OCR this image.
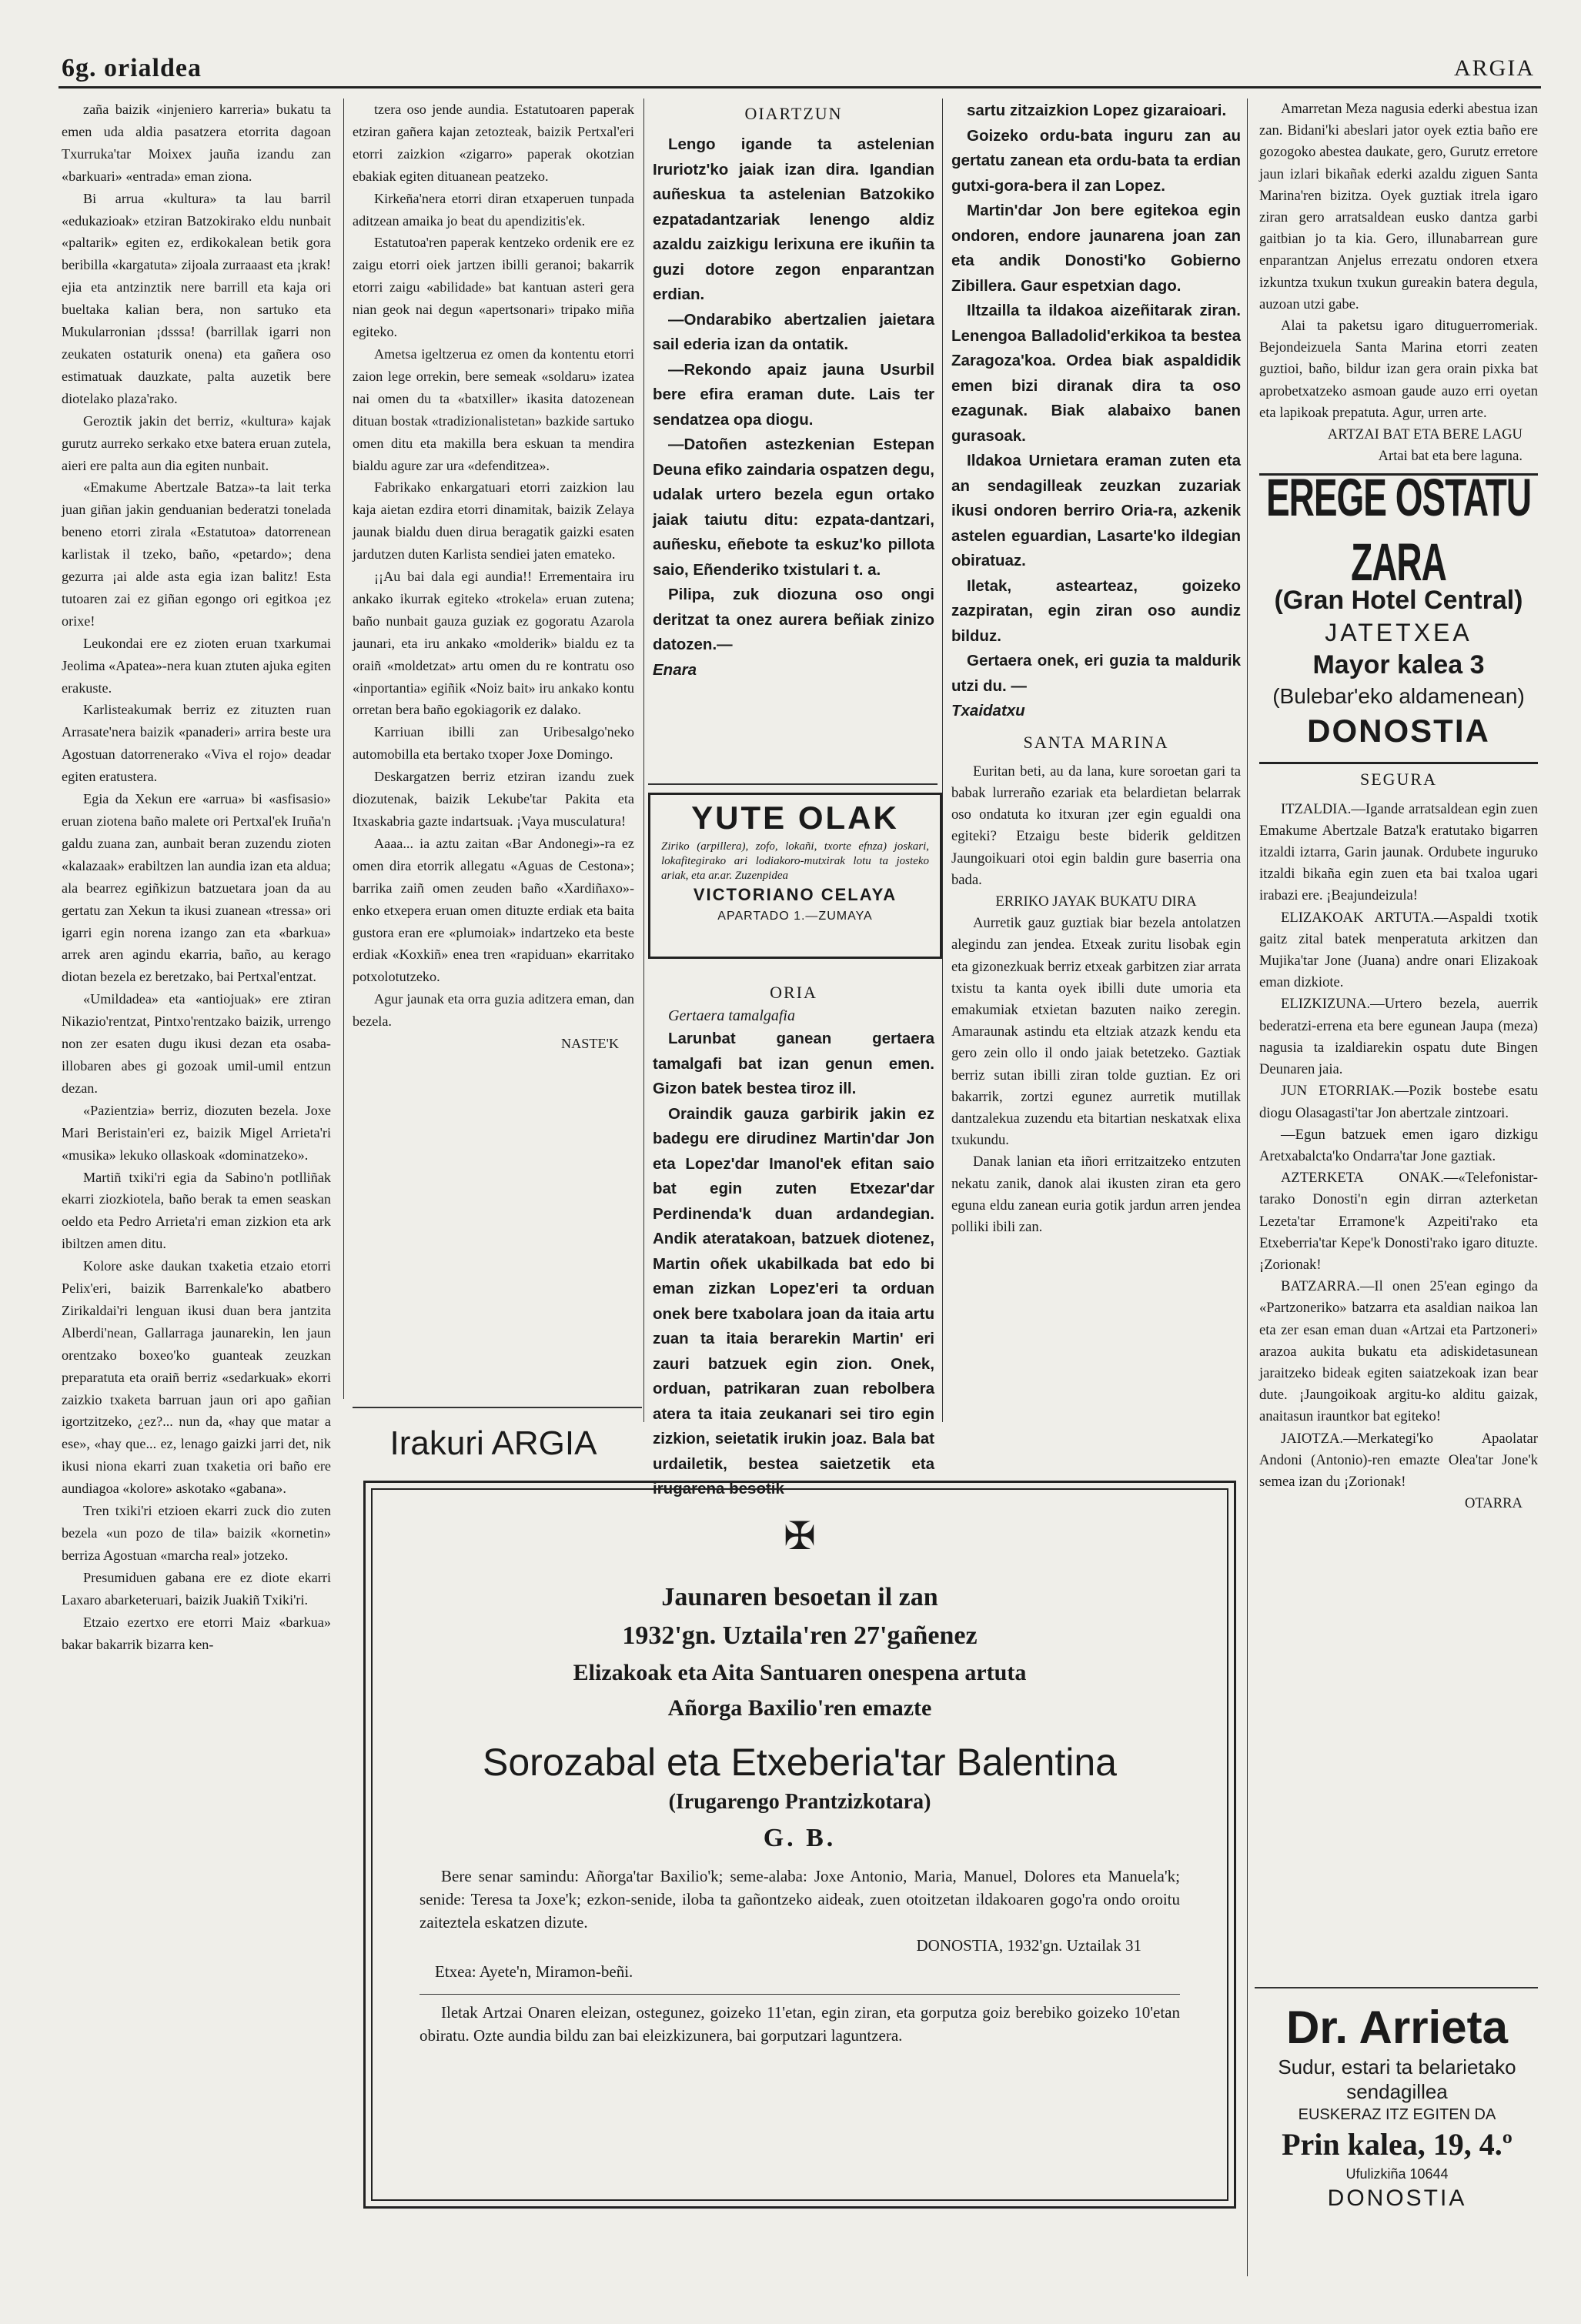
6g. orialdea	ARGIA

zaña baizik «injeniero karreria» bukatu ta emen uda aldia pasatzera etorrita dagoan Txurruka'tar Moixex jauña izandu zan «barkuari» «entrada» eman ziona.

Bi arrua «kultura» ta lau barril «edukazioak» etziran Batzokirako eldu nunbait «paltarik» egiten ez, erdikokalean betik gora beribilla «kargatuta» zijoala zurraaast eta ¡krak! ejia eta antzinztik nere barrill eta kaja ori bueltaka kalian bera, non sartuko eta Mukularronian ¡dsssa! (barrillak igarri non zeukaten ostaturik onena) eta gañera oso estimatuak dauzkate, palta auzetik bere diotelako plaza'rako.

Geroztik jakin det berriz, «kultura» kajak gurutz aurreko serkako etxe batera eruan zutela, aieri ere palta aun dia egiten nunbait.

«Emakume Abertzale Batza»-ta lait terka juan giñan jakin genduanian bederatzi tonelada beneno etorri zirala «Estatutoa» datorrenean karlistak il tzeko, baño, «petardo»; dena gezurra ¡ai alde asta egia izan balitz! Esta tutoaren zai ez giñan egongo ori egitkoa ¡ez orixe!

Leukondai ere ez zioten eruan txarkumai Jeolima «Apatea»-nera kuan ztuten ajuka egiten erakuste.

Karlisteakumak berriz ez zituzten ruan Arrasate'nera baizik «panaderi» arrira beste ura Agostuan datorrenerako «Viva el rojo» deadar egiten eratustera.

Egia da Xekun ere «arrua» bi «asfisasio» eruan ziotena baño malete ori Pertxal'ek Iruña'n galdu zuana zan, aunbait beran zuzendu zioten «kalazaak» erabiltzen lan aundia izan eta aldua; ala bearrez egiñkizun batzuetara joan da au gertatu zan Xekun ta ikusi zuanean «tressa» ori igarri egin norena izango zan eta «barkua» arrek aren agindu ekarria, baño, au kerago diotan bezela ez beretzako, bai Pertxal'entzat.

«Umildadea» eta «antiojuak» ere ztiran Nikazio'rentzat, Pintxo'rentzako baizik, urrengo non zer esaten dugu ikusi dezan eta osaba-illobaren abes gi gozoak umil-umil entzun dezan.

«Pazientzia» berriz, diozuten bezela. Joxe Mari Beristain'eri ez, baizik Migel Arrieta'ri «musika» lekuko ollaskoak «dominatzeko».

Martiñ txiki'ri egia da Sabino'n potlliñak ekarri ziozkiotela, baño berak ta emen seaskan oeldo eta Pedro Arrieta'ri eman zizkion eta ark ibiltzen amen ditu.

Kolore aske daukan txaketia etzaio etorri Pelix'eri, baizik Barrenkale'ko abatbero Zirikaldai'ri lenguan ikusi duan bera jantzita Alberdi'nean, Gallarraga jaunarekin, len jaun orentzako boxeo'ko guanteak zeuzkan preparatuta eta oraiñ berriz «sedarkuak» ekorri zaizkio txaketa barruan jaun ori apo gañian igortzitzeko, ¿ez?... nun da, «hay que matar a ese», «hay que... ez, lenago gaizki jarri det, nik ikusi niona ekarri zuan txaketia ori baño ere aundiagoa «kolore» askotako «gabana».

Tren txiki'ri etzioen ekarri zuck dio zuten bezela «un pozo de tila» baizik «kornetin» berriza Agostuan «marcha real» jotzeko.

Presumiduen gabana ere ez diote ekarri Laxaro abarketeruari, baizik Juakiñ Txiki'ri.

Etzaio ezertxo ere etorri Maiz «barkua» bakar bakarrik bizarra ken-

tzera oso jende aundia. Estatutoaren paperak etziran gañera kajan zetozteak, baizik Pertxal'eri etorri zaizkion «zigarro» paperak okotzian ebakiak egiten dituanean peatzeko.

Kirkeña'nera etorri diran etxaperuen tunpada aditzean amaika jo beat du apendizitis'ek.

Estatutoa'ren paperak kentzeko ordenik ere ez zaigu etorri oiek jartzen ibilli geranoi; bakarrik etorri zaigu «abilidade» bat kantuan asteri gera nian geok nai degun «apertsonari» tripako miña egiteko.

Ametsa igeltzerua ez omen da kontentu etorri zaion lege orrekin, bere semeak «soldaru» izatea nai omen du ta «batxiller» ikasita datozenean dituan bostak «tradizionalistetan» bazkide sartuko omen ditu eta makilla bera eskuan ta mendira bialdu agure zar ura «defenditzea».

Fabrikako enkargatuari etorri zaizkion lau kaja aietan ezdira etorri dinamitak, baizik Zelaya jaunak bialdu duen dirua beragatik gaizki esaten jardutzen duten Karlista sendiei jaten emateko.

¡¡Au bai dala egi aundia!! Errementaira iru ankako ikurrak egiteko «trokela» eruan zutena; baño nunbait gauza guziak ez gogoratu Azarola jaunari, eta iru ankako «molderik» bialdu ez ta oraiñ «moldetzat» artu omen du re kontratu oso «inportantia» egiñik «Noiz bait» iru ankako kontu orretan bera baño egokiagorik ez dalako.

Karriuan ibilli zan Uribesalgo'neko automobilla eta bertako txoper Joxe Domingo.

Deskargatzen berriz etziran izandu zuek diozutenak, baizik Lekube'tar Pakita eta Itxaskabria gazte indartsuak. ¡Vaya musculatura!

Aaaa... ia aztu zaitan «Bar Andonegi»-ra ez omen dira etorrik allegatu «Aguas de Cestona»; barrika zaiñ omen zeuden baño «Xardiñaxo»-enko etxepera eruan omen dituzte erdiak eta baita gustora eran ere «plumoiak» indartzeko eta beste erdiak «Koxkiñ» enea tren «rapiduan» ekarritako potxolotutzeko.

Agur jaunak eta orra guzia aditzera eman, dan bezela.

NASTE'K
Irakuri ARGIA
OIARTZUN

Lengo igande ta astelenian Iruriotz'ko jaiak izan dira. Igandian auñeskua ta astelenian Batzokiko ezpatadantzariak lenengo aldiz azaldu zaizkigu lerixuna ere ikuñin ta guzi dotore zegon enparantzan erdian.

—Ondarabiko abertzalien jaietara sail ederia izan da ontatik.

—Rekondo apaiz jauna Usurbil bere efira eraman dute. Lais ter sendatzea opa diogu.

—Datoñen astezkenian Estepan Deuna efiko zaindaria ospatzen degu, udalak urtero bezela egun ortako jaiak taiutu ditu: ezpata-dantzari, auñesku, eñebote ta eskuz'ko pillota saio, Eñenderiko txistulari t. a.

Pilipa, zuk diozuna oso ongi deritzat ta onez aurera beñiak zinizo datozen.—

Enara
YUTE OLAK
Ziriko (arpillera), zofo, lokañi, txorte efnza) joskari, lokafitegirako ari lodiakoro-mutxirak lotu ta josteko ariak, eta ar.ar. Zuzenpidea
VICTORIANO CELAYA
APARTADO 1.—ZUMAYA
ORIA
Gertaera tamalgafia

Larunbat ganean gertaera tamalgafi bat izan genun emen. Gizon batek bestea tiroz ill.

Oraindik gauza garbirik jakin ez badegu ere dirudinez Martin'dar Jon eta Lopez'dar Imanol'ek efitan saio bat egin zuten Etxezar'dar Perdinenda'k duan ardandegian. Andik ateratakoan, batzuek diotenez, Martin oñek ukabilkada bat edo bi eman zizkan Lopez'eri ta orduan onek bere txabolara joan da itaia artu zuan ta itaia berarekin Martin' eri zauri batzuek egin zion. Onek, orduan, patrikaran zuan rebolbera atera ta itaia zeukanari sei tiro egin zizkion, seietatik irukin joaz. Bala bat urdailetik, bestea saietzetik eta irugarena besotik

sartu zitzaizkion Lopez gizaraioari.

Goizeko ordu-bata inguru zan au gertatu zanean eta ordu-bata ta erdian gutxi-gora-bera il zan Lopez.

Martin'dar Jon bere egitekoa egin ondoren, endore jaunarena joan zan eta andik Donosti'ko Gobierno Zibillera. Gaur espetxian dago.

Iltzailla ta ildakoa aizeñitarak ziran. Lenengoa Balladolid'erkikoa ta bestea Zaragoza'koa. Ordea biak aspaldidik emen bizi diranak dira ta oso ezagunak. Biak alabaixo banen gurasoak.

Ildakoa Urnietara eraman zuten eta an sendagilleak zeuzkan zuzariak ikusi ondoren berriro Oria-ra, azkenik astelen eguardian, Lasarte'ko ildegian obiratuaz.

Iletak, astearteaz, goizeko zazpiratan, egin ziran oso aundiz bilduz.

Gertaera onek, eri guzia ta maldurik utzi du. —

Txaidatxu
SANTA MARINA

Euritan beti, au da lana, kure soroetan gari ta babak lurreraño ezariak eta belardietan belarrak oso ondatuta ko itxuran ¡zer egin egualdi ona egiteki? Etzaigu beste biderik gelditzen Jaungoikuari otoi egin baldin gure baserria ona bada.

ERRIKO JAYAK BUKATU DIRA

Aurretik gauz guztiak biar bezela antolatzen alegindu zan jendea. Etxeak zuritu lisobak egin eta gizonezkuak berriz etxeak garbitzen ziar arrata txistu ta kanta oyek ibilli dute umoria eta emakumiak etxietan bazuten naiko zeregin. Amaraunak astindu eta eltziak atzazk kendu eta gero zein ollo il ondo jaiak betetzeko. Gaztiak berriz sutan ibilli ziran tolde guztian. Ez ori bakarrik, zortzi egunez aurretik mutillak dantzalekua zuzendu eta bitartian neskatxak elixa txukundu.

Danak lanian eta iñori erritzaitzeko entzuten nekatu zanik, danok alai ikusten ziran eta gero eguna eldu zanean euria gotik jardun arren jendea polliki ibili zan.

Amarretan Meza nagusia ederki abestua izan zan. Bidani'ki abeslari jator oyek eztia baño ere gozogoko abestea daukate, gero, Gurutz erretore jaun izlari bikañak ederki azaldu ziguen Santa Marina'ren bizitza. Oyek guztiak itrela igaro ziran gero arratsaldean eusko dantza garbi gaitbian jo ta kia. Gero, illunabarrean gure enparantzan Anjelus errezatu ondoren etxera izkuntza txukun txukun gureakin batera degula, auzoan utzi gabe.

Alai ta paketsu igaro dituguerromeriak. Bejondeizuela Santa Marina etorri zeaten guztioi, baño, bildur izan gera orain pixka bat aprobetxatzeko asmoan gaude auzo erri oyetan eta lapikoak prepatuta. Agur, urren arte.

ARTZAI BAT ETA BERE LAGU
Artai bat eta bere laguna.
EREGE OSTATU ZARA
(Gran Hotel Central)
JATETXEA
Mayor kalea 3
(Bulebar'eko aldamenean)
DONOSTIA
SEGURA

ITZALDIA.—Igande arratsaldean egin zuen Emakume Abertzale Batza'k eratutako bigarren itzaldi iztarra, Garin jaunak. Ordubete inguruko itzaldi bikaña egin zuen eta bai txaloa ugari irabazi ere. ¡Beajundeizula!

ELIZAKOAK ARTUTA.—Aspaldi txotik gaitz zital batek menperatuta arkitzen dan Mujika'tar Jone (Juana) andre onari Elizakoak eman dizkiote.

ELIZKIZUNA.—Urtero bezela, auerrik bederatzi-errena eta bere egunean Jaupa (meza) nagusia ta izaldiarekin ospatu dute Bingen Deunaren jaia.

JUN ETORRIAK.—Pozik bostebe esatu diogu Olasagasti'tar Jon abertzale zintzoari.

—Egun batzuek emen igaro dizkigu Aretxabalcta'ko Ondarra'tar Jone gaztiak.

AZTERKETA ONAK.—«Telefonistar-tarako Donosti'n egin dirran azterketan Lezeta'tar Erramone'k Azpeiti'rako eta Etxeberria'tar Kepe'k Donosti'rako igaro dituzte. ¡Zorionak!

BATZARRA.—Il onen 25'ean egingo da «Partzoneriko» batzarra eta asaldian naikoa lan eta zer esan eman duan «Artzai eta Partzoneri» arazoa aukita bukatu eta adiskidetasunean jaraitzeko bideak egiten saiatzekoak izan bear dute. ¡Jaungoikoak argitu-ko alditu gaizak, anaitasun irauntkor bat egiteko!

JAIOTZA.—Merkategi'ko Apaolatar Andoni (Antonio)-ren emazte Olea'tar Jone'k semea izan du ¡Zorionak!

OTARRA
Dr. Arrieta
Sudur, estari ta belarietako sendagillea
EUSKERAZ ITZ EGITEN DA
Prin kalea, 19, 4.º
Ufulizkiña 10644
DONOSTIA
✠
Jaunaren besoetan il zan
1932'gn. Uztaila'ren 27'gañenez
Elizakoak eta Aita Santuaren onespena artuta
Añorga Baxilio'ren emazte
Sorozabal eta Etxeberia'tar Balentina
(Irugarengo Prantzizkotara)
G. B.
Bere senar samindu: Añorga'tar Baxilio'k; seme-alaba: Joxe Antonio, Maria, Manuel, Dolores eta Manuela'k; senide: Teresa ta Joxe'k; ezkon-senide, iloba ta gañontzeko aideak, zuen otoitzetan ildakoaren gogo'ra ondo oroitu zaiteztela eskatzen dizute.
DONOSTIA, 1932'gn. Uztailak 31
Etxea: Ayete'n, Miramon-beñi.
Iletak Artzai Onaren eleizan, ostegunez, goizeko 11'etan, egin ziran, eta gorputza goiz berebiko goizeko 10'etan obiratu. Ozte aundia bildu zan bai eleizkizunera, bai gorputzari laguntzera.
